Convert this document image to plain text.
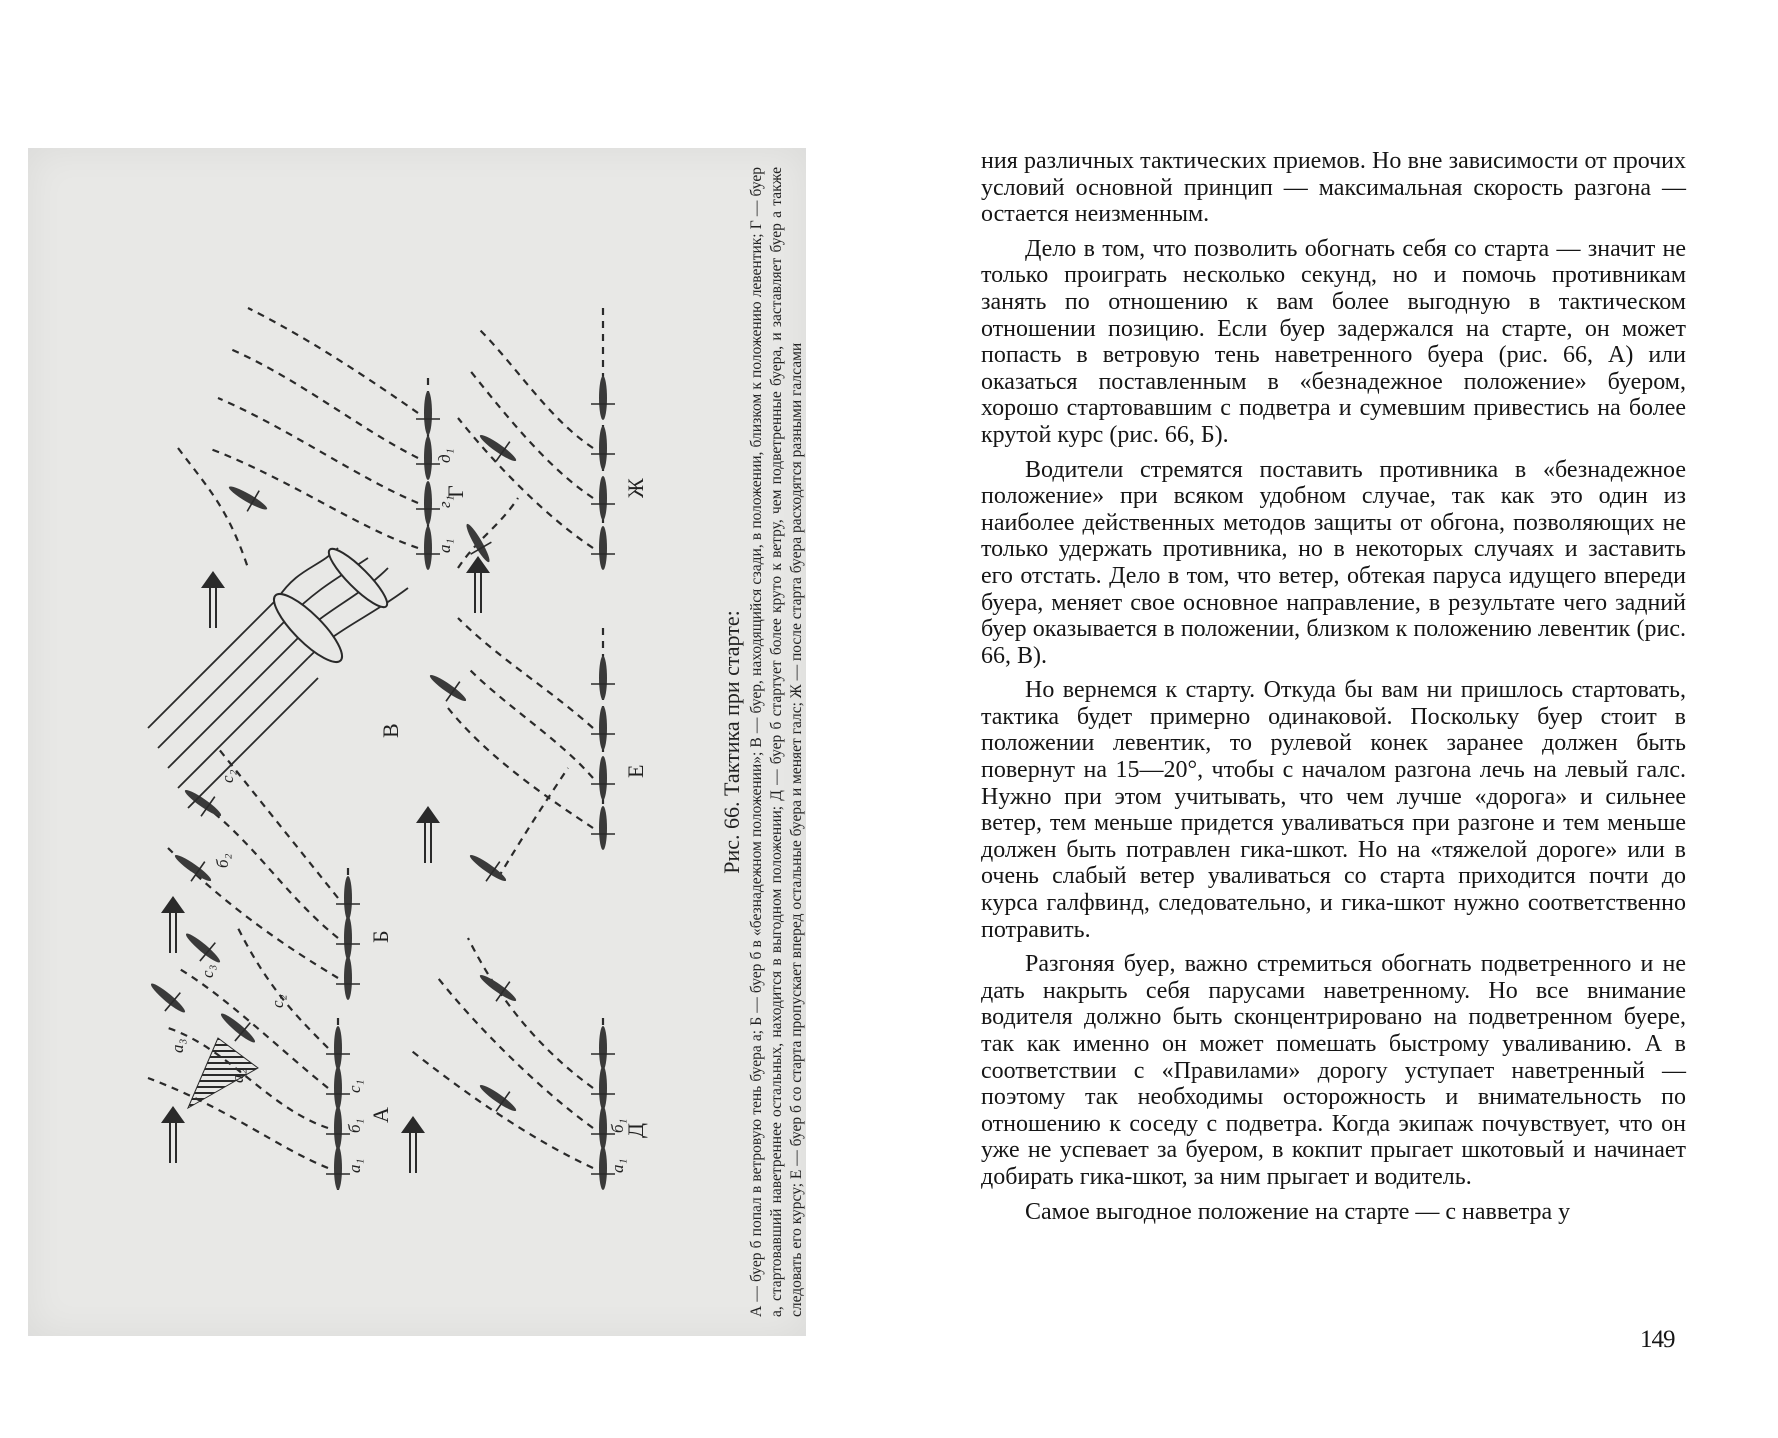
А
а₁
б₁
с₁
а₂
а₃
с₂
с₃
Б
б₂
с₂
В
Г
а₁
г₁
д₁
Д
а₁
б₁
Е
Ж
Рис. 66. Тактика при старте: А — буер б попал в ветровую тень буера а; Б — буер б в «безнадежном положении»; В — буер, находящийся сзади, в положении, близком к положению левентик; Г — буер а, стартовавший наветреннее остальных, находится в выгодном положении; Д — буер б стартует более круто к ветру, чем подветренные буера, и заставляет буер а также следовать его курсу; Е — буер б со старта пропускает вперед остальные буера и меняет галс; Ж — после старта буера расходятся разными галсами

ния различных тактических приемов. Но вне зависимости от прочих условий основной принцип — максимальная скорость разгона — остается неизменным.

Дело в том, что позволить обогнать себя со старта — значит не только проиграть несколько секунд, но и помочь противникам занять по отношению к вам более выгодную в тактическом отношении позицию. Если буер задержался на старте, он может попасть в ветровую тень наветренного буера (рис. 66, А) или оказаться поставленным в «безнадежное положение» буером, хорошо стартовавшим с подветра и сумевшим привестись на более крутой курс (рис. 66, Б).

Водители стремятся поставить противника в «безнадежное положение» при всяком удобном случае, так как это один из наиболее действенных методов защиты от обгона, позволяющих не только удержать противника, но в некоторых случаях и заставить его отстать. Дело в том, что ветер, обтекая паруса идущего впереди буера, меняет свое основное направление, в результате чего задний буер оказывается в положении, близком к положению левентик (рис. 66, В).

Но вернемся к старту. Откуда бы вам ни пришлось стартовать, тактика будет примерно одинаковой. Поскольку буер стоит в положении левентик, то рулевой конек заранее должен быть повернут на 15—20°, чтобы с началом разгона лечь на левый галс. Нужно при этом учитывать, что чем лучше «дорога» и сильнее ветер, тем меньше придется уваливаться при разгоне и тем меньше должен быть потравлен гика-шкот. Но на «тяжелой дороге» или в очень слабый ветер уваливаться со старта приходится почти до курса галфвинд, следовательно, и гика-шкот нужно соответственно потравить.

Разгоняя буер, важно стремиться обогнать подветренного и не дать накрыть себя парусами наветренному. Но все внимание водителя должно быть сконцентрировано на подветренном буере, так как именно он может помешать быстрому уваливанию. А в соответствии с «Правилами» дорогу уступает наветренный — поэтому так необходимы осторожность и внимательность по отношению к соседу с подветра. Когда экипаж почувствует, что он уже не успевает за буером, в кокпит прыгает шкотовый и начинает добирать гика-шкот, за ним прыгает и водитель.

Самое выгодное положение на старте — с навветра у

149
